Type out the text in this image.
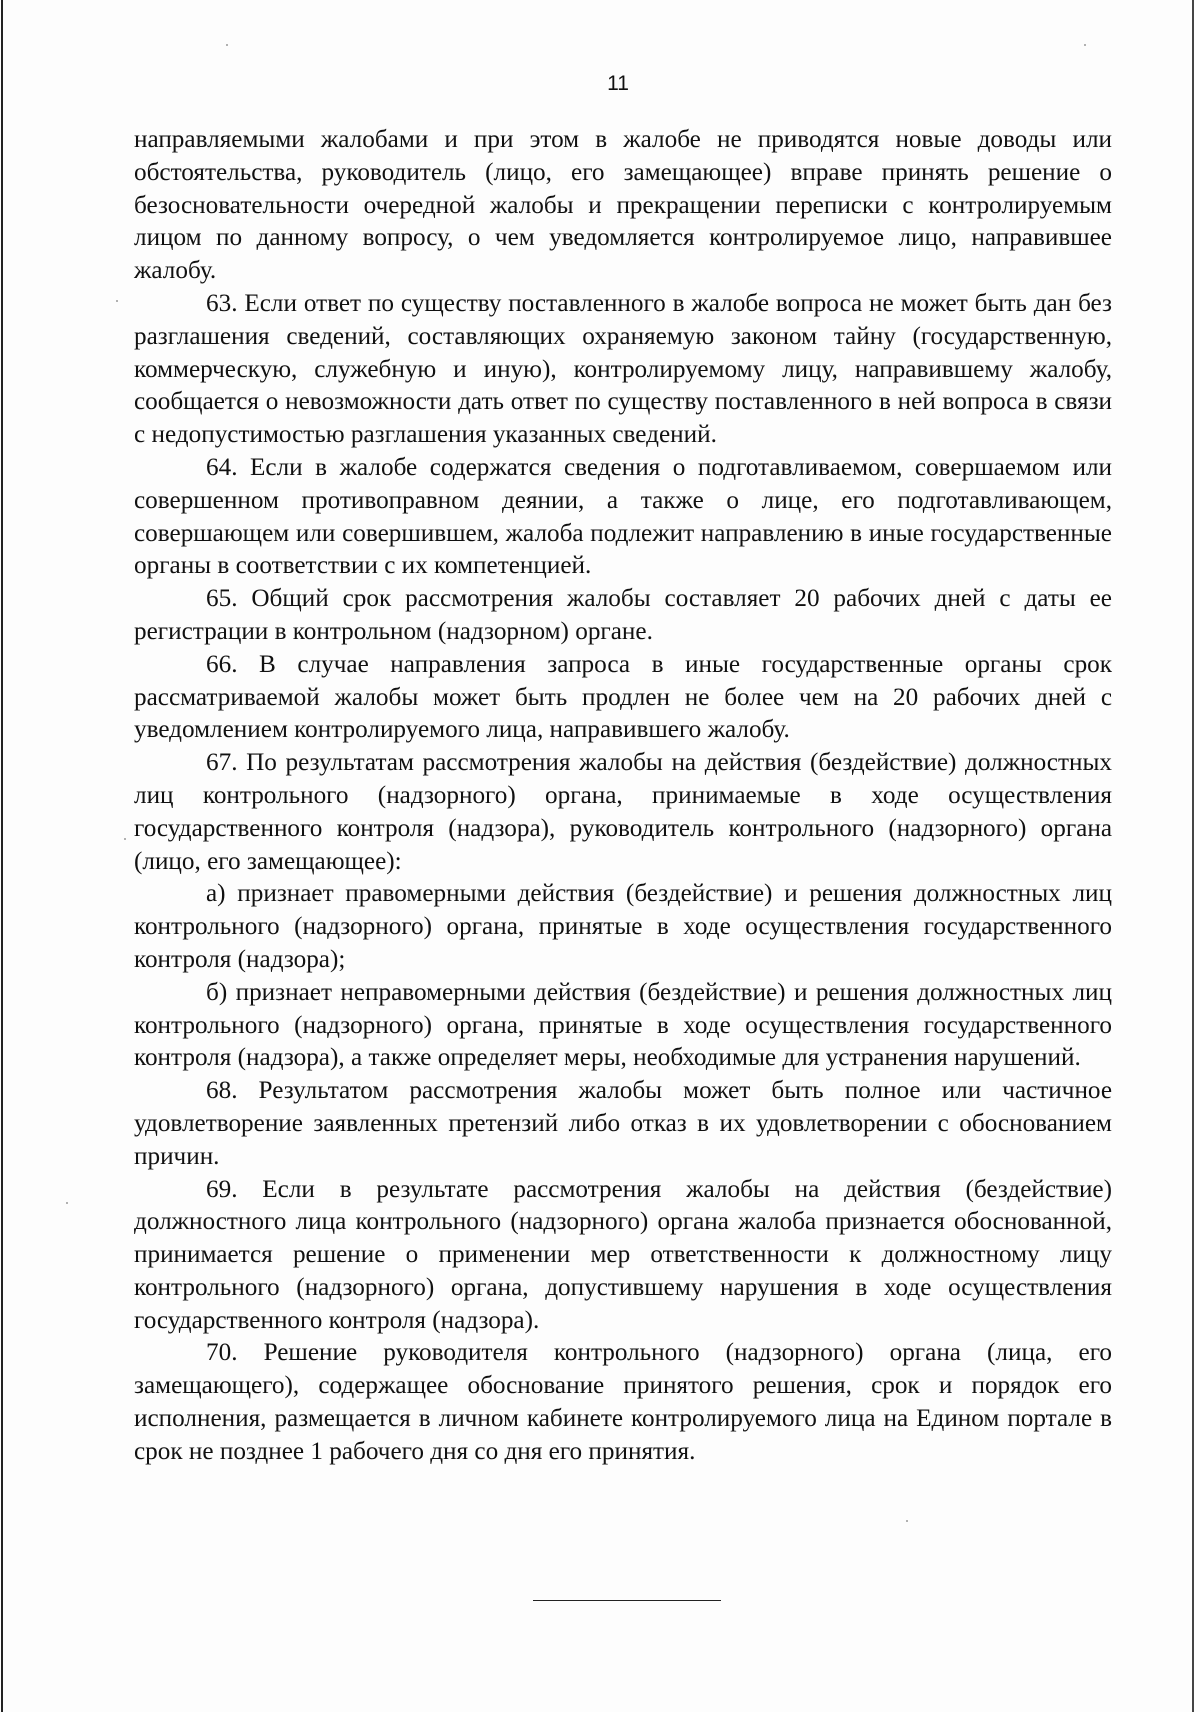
11

направляемыми жалобами и при этом в жалобе не приводятся новые доводы или обстоятельства, руководитель (лицо, его замещающее) вправе принять решение о безосновательности очередной жалобы и прекращении переписки с контролируемым лицом по данному вопросу, о чем уведомляется контролируемое лицо, направившее жалобу.

63. Если ответ по существу поставленного в жалобе вопроса не может быть дан без разглашения сведений, составляющих охраняемую законом тайну (государственную, коммерческую, служебную и иную), контролируемому лицу, направившему жалобу, сообщается о невозможности дать ответ по существу поставленного в ней вопроса в связи с недопустимостью разглашения указанных сведений.

64. Если в жалобе содержатся сведения о подготавливаемом, совершаемом или совершенном противоправном деянии, а также о лице, его подготавливающем, совершающем или совершившем, жалоба подлежит направлению в иные государственные органы в соответствии с их компетенцией.

65. Общий срок рассмотрения жалобы составляет 20 рабочих дней с даты ее регистрации в контрольном (надзорном) органе.

66. В случае направления запроса в иные государственные органы срок рассматриваемой жалобы может быть продлен не более чем на 20 рабочих дней с уведомлением контролируемого лица, направившего жалобу.

67. По результатам рассмотрения жалобы на действия (бездействие) должностных лиц контрольного (надзорного) органа, принимаемые в ходе осуществления государственного контроля (надзора), руководитель контрольного (надзорного) органа (лицо, его замещающее):

а) признает правомерными действия (бездействие) и решения должностных лиц контрольного (надзорного) органа, принятые в ходе осуществления государственного контроля (надзора);

б) признает неправомерными действия (бездействие) и решения должностных лиц контрольного (надзорного) органа, принятые в ходе осуществления государственного контроля (надзора), а также определяет меры, необходимые для устранения нарушений.

68. Результатом рассмотрения жалобы может быть полное или частичное удовлетворение заявленных претензий либо отказ в их удовлетворении с обоснованием причин.

69. Если в результате рассмотрения жалобы на действия (бездействие) должностного лица контрольного (надзорного) органа жалоба признается обоснованной, принимается решение о применении мер ответственности к должностному лицу контрольного (надзорного) органа, допустившему нарушения в ходе осуществления государственного контроля (надзора).

70. Решение руководителя контрольного (надзорного) органа (лица, его замещающего), содержащее обоснование принятого решения, срок и порядок его исполнения, размещается в личном кабинете контролируемого лица на Едином портале в срок не позднее 1 рабочего дня со дня его принятия.
